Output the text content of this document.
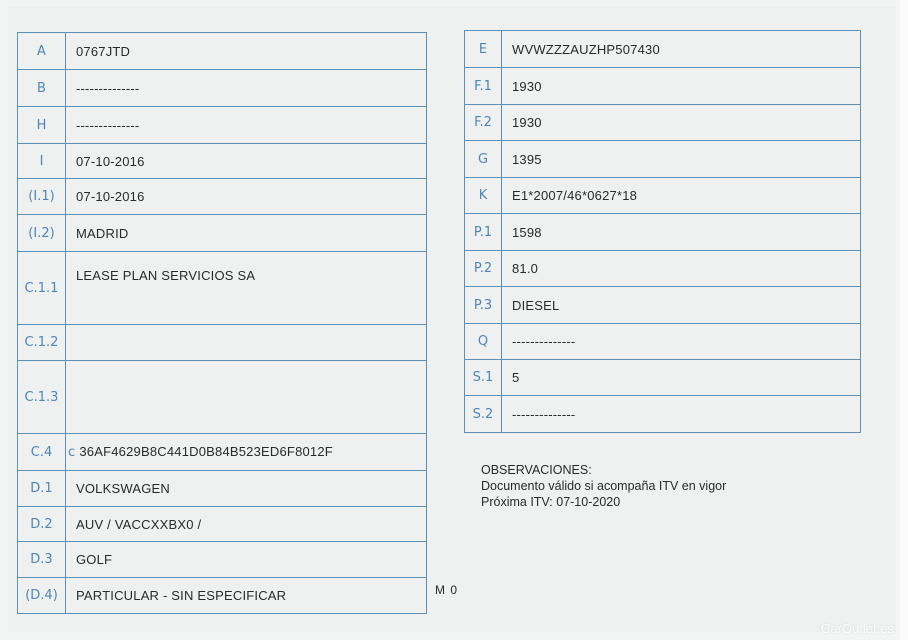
A	0767JTD
B	--------------
H	--------------
I	07-10-2016
(I.1)	07-10-2016
(I.2)	MADRID
C.1.1	LEASE PLAN SERVICIOS SA
C.1.2	
C.1.3	
C.4	c 36AF4629B8C441D0B84B523ED6F8012F
D.1	VOLKSWAGEN
D.2	AUV / VACCXXBX0 /
D.3	GOLF
(D.4)	PARTICULAR - SIN ESPECIFICAR
E	WVWZZZAUZHP507430
F.1	1930
F.2	1930
G	1395
K	E1*2007/46*0627*18
P.1	1598
P.2	81.0
P.3	DIESEL
Q	--------------
S.1	5
S.2	--------------
OBSERVACIONES:
Documento válido si acompaña ITV en vigor
Próxima ITV: 07-10-2020
M 0
CarOutlet.es
